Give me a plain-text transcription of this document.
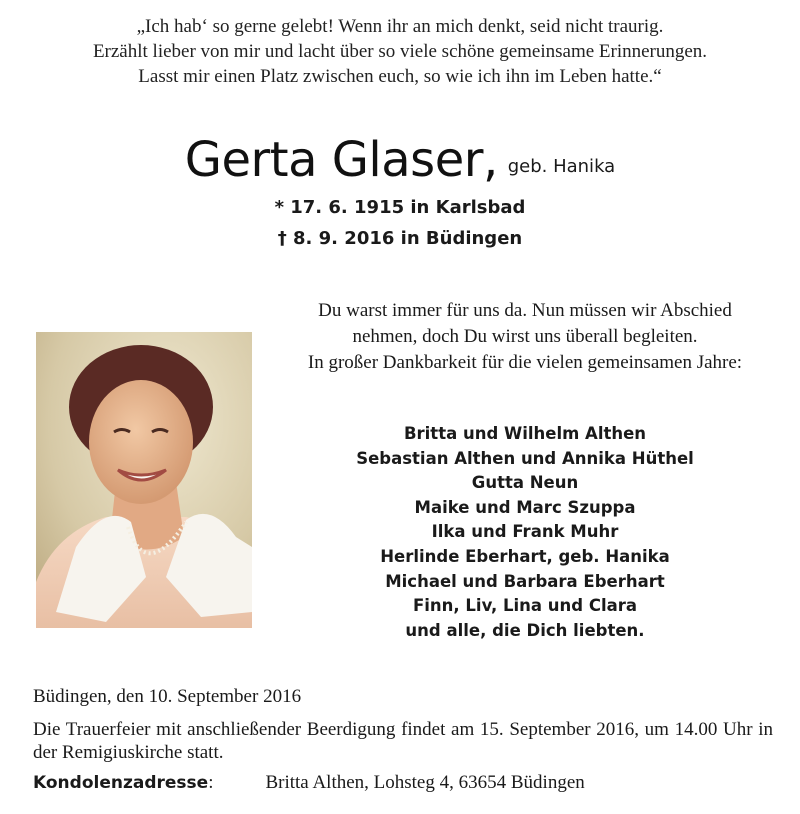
„Ich hab‘ so gerne gelebt! Wenn ihr an mich denkt, seid nicht traurig.
Erzählt lieber von mir und lacht über so viele schöne gemeinsame Erinnerungen.
Lasst mir einen Platz zwischen euch, so wie ich ihn im Leben hatte.“
Gerta Glaser, geb. Hanika
* 17. 6. 1915 in Karlsbad
† 8. 9. 2016 in Büdingen
Du warst immer für uns da. Nun müssen wir Abschied
nehmen, doch Du wirst uns überall begleiten.
In großer Dankbarkeit für die vielen gemeinsamen Jahre:
Britta und Wilhelm Althen
Sebastian Althen und Annika Hüthel
Gutta Neun
Maike und Marc Szuppa
Ilka und Frank Muhr
Herlinde Eberhart, geb. Hanika
Michael und Barbara Eberhart
Finn, Liv, Lina und Clara
und alle, die Dich liebten.
Büdingen, den 10. September 2016
Die Trauerfeier mit anschließender Beerdigung findet am 15. September 2016, um 14.00 Uhr in der Remigiuskirche statt.
Kondolenzadresse:	Britta Althen, Lohsteg 4, 63654 Büdingen
